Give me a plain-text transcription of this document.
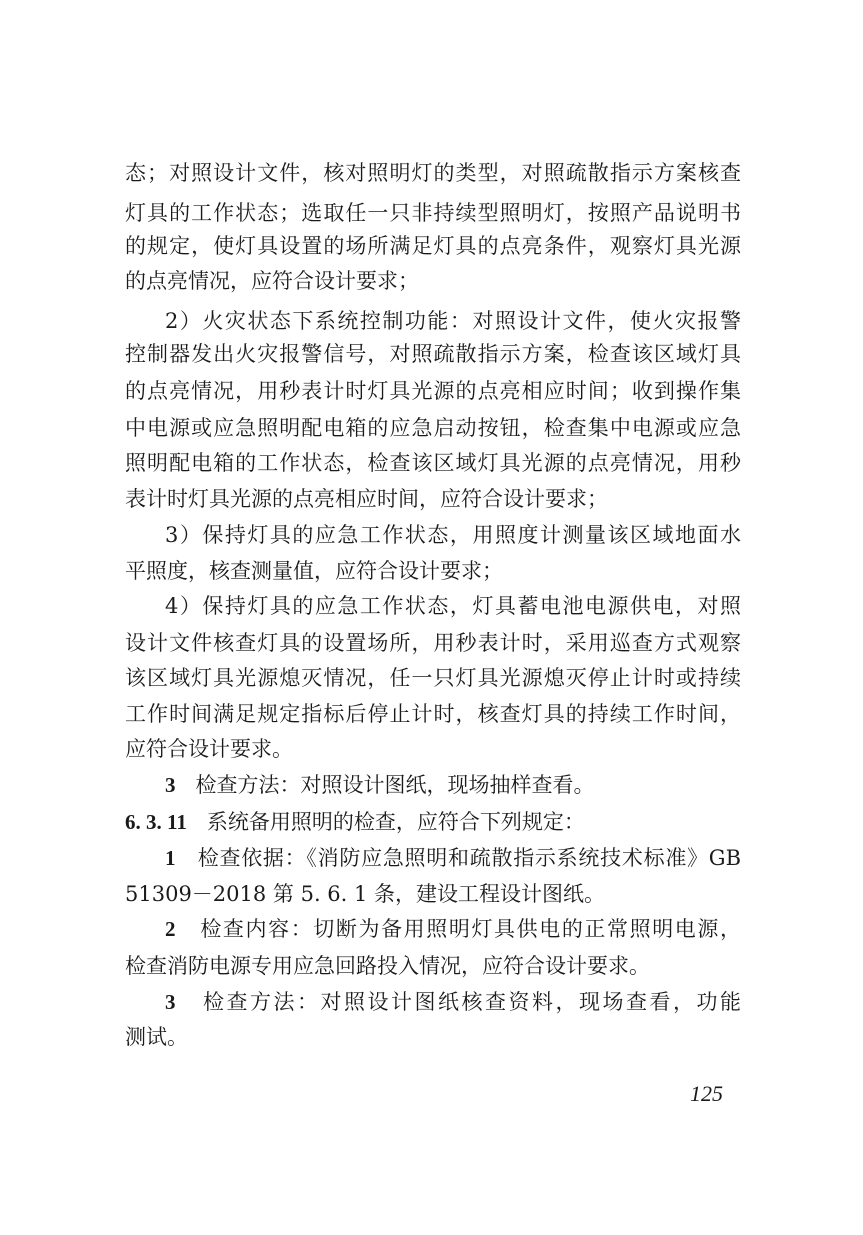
态；对照设计文件，核对照明灯的类型，对照疏散指示方案核查
灯具的工作状态；选取任一只非持续型照明灯，按照产品说明书
的规定，使灯具设置的场所满足灯具的点亮条件，观察灯具光源
的点亮情况，应符合设计要求；
2）火灾状态下系统控制功能：对照设计文件，使火灾报警
控制器发出火灾报警信号，对照疏散指示方案，检查该区域灯具
的点亮情况，用秒表计时灯具光源的点亮相应时间；收到操作集
中电源或应急照明配电箱的应急启动按钮，检查集中电源或应急
照明配电箱的工作状态，检查该区域灯具光源的点亮情况，用秒
表计时灯具光源的点亮相应时间，应符合设计要求；
3）保持灯具的应急工作状态，用照度计测量该区域地面水
平照度，核查测量值，应符合设计要求；
4）保持灯具的应急工作状态，灯具蓄电池电源供电，对照
设计文件核查灯具的设置场所，用秒表计时，采用巡查方式观察
该区域灯具光源熄灭情况，任一只灯具光源熄灭停止计时或持续
工作时间满足规定指标后停止计时，核查灯具的持续工作时间，
应符合设计要求。
3 检查方法：对照设计图纸，现场抽样查看。
6. 3. 11 系统备用照明的检查，应符合下列规定：
1 检查依据：《消防应急照明和疏散指示系统技术标准》GB
51309－2018 第 5. 6. 1 条，建设工程设计图纸。
2 检查内容：切断为备用照明灯具供电的正常照明电源，
检查消防电源专用应急回路投入情况，应符合设计要求。
3 检查方法：对照设计图纸核查资料，现场查看，功能
测试。
125
